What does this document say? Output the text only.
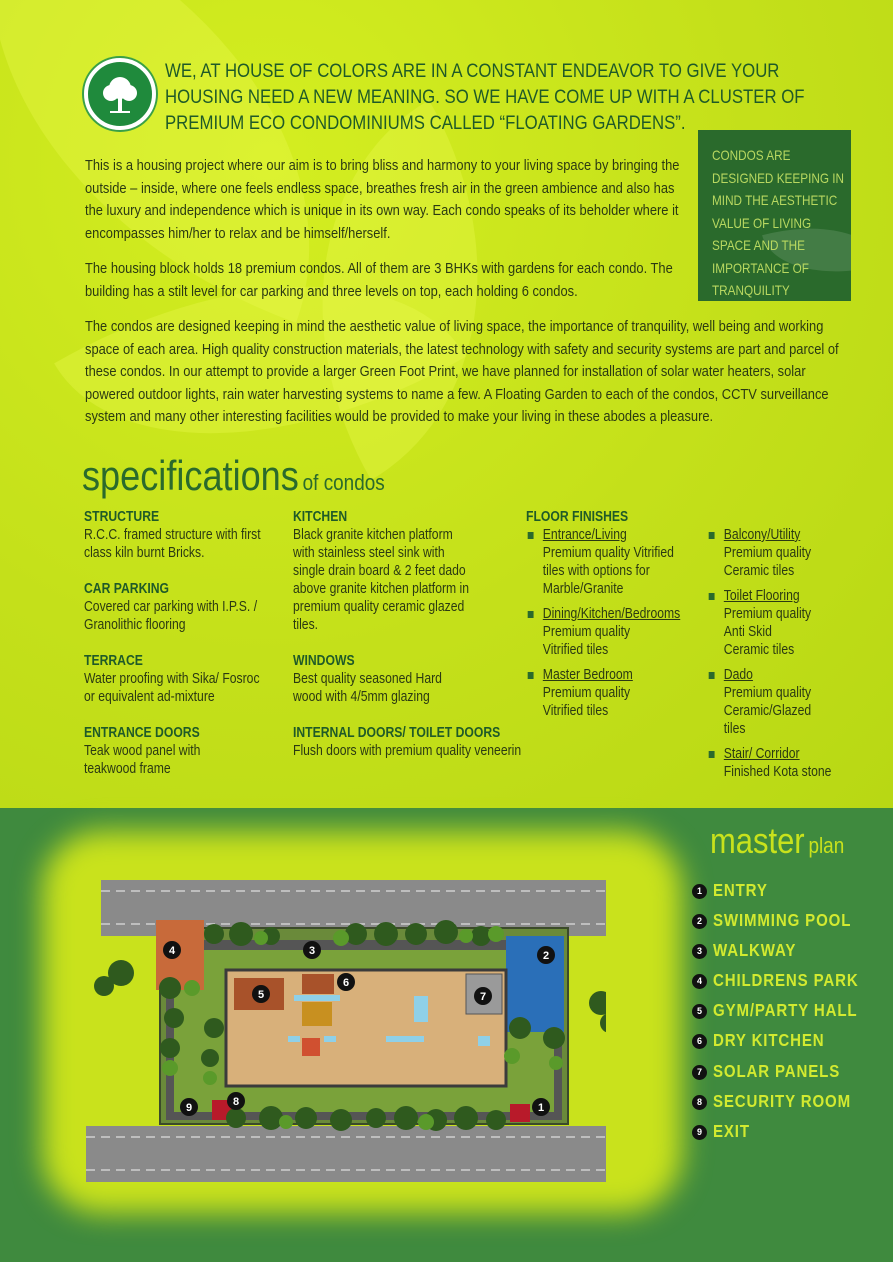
WE, AT HOUSE OF COLORS ARE IN A CONSTANT ENDEAVOR TO GIVE YOUR HOUSING NEED A NEW MEANING. SO WE HAVE COME UP WITH A CLUSTER OF PREMIUM ECO CONDOMINIUMS CALLED “FLOATING GARDENS”.

This is a housing project where our aim is to bring bliss and harmony to your living space by bringing the outside – inside, where one feels endless space, breathes fresh air in the green ambience and also has the luxury and independence which is unique in its own way. Each condo speaks of its beholder where it encompasses him/her to relax and be himself/herself.

The housing block holds 18 premium condos. All of them are 3 BHKs with gardens for each condo. The building has a stilt level for car parking and three levels on top, each holding 6 condos.

The condos are designed keeping in mind the aesthetic value of living space, the importance of tranquility, well being and working space of each area. High quality construction materials, the latest technology with safety and security systems are part and parcel of these condos. In our attempt to provide a larger Green Foot Print, we have planned for installation of solar water heaters, solar powered outdoor lights, rain water harvesting systems to name a few. A Floating Garden to each of the condos, CCTV surveillance system and many other interesting facilities would be provided to make your living in these abodes a pleasure.

CONDOS ARE DESIGNED KEEPING IN MIND THE AESTHETIC VALUE OF LIVING SPACE AND THE IMPORTANCE OF TRANQUILITY

specifications of condos
STRUCTURE

R.C.C. framed structure with first class kiln burnt Bricks.

CAR PARKING

Covered car parking with I.P.S. / Granolithic flooring

TERRACE

Water proofing with Sika/ Fosroc or equivalent ad-mixture

ENTRANCE DOORS

Teak wood panel with teakwood frame

KITCHEN

Black granite kitchen platform with stainless steel sink with single drain board & 2 feet dado above granite kitchen platform in premium quality ceramic glazed tiles.

WINDOWS

Best quality seasoned Hard wood with 4/5mm glazing

INTERNAL DOORS/ TOILET DOORS

Flush doors with premium quality veneerin

FLOOR FINISHES
Entrance/Living

Premium quality Vitrified tiles with options for Marble/Granite

Dining/Kitchen/Bedrooms

Premium quality Vitrified tiles

Master Bedroom

Premium quality Vitrified tiles

Balcony/Utility

Premium quality Ceramic tiles

Toilet Flooring

Premium quality Anti Skid Ceramic tiles

Dado

Premium quality Ceramic/Glazed tiles

Stair/ Corridor

Finished Kota stone

1
2
3
4
5
6
7
8
9
master plan
1 ENTRY
2 SWIMMING POOL
3 WALKWAY
4 CHILDRENS PARK
5 GYM/PARTY HALL
6 DRY KITCHEN
7 SOLAR PANELS
8 SECURITY ROOM
9 EXIT
